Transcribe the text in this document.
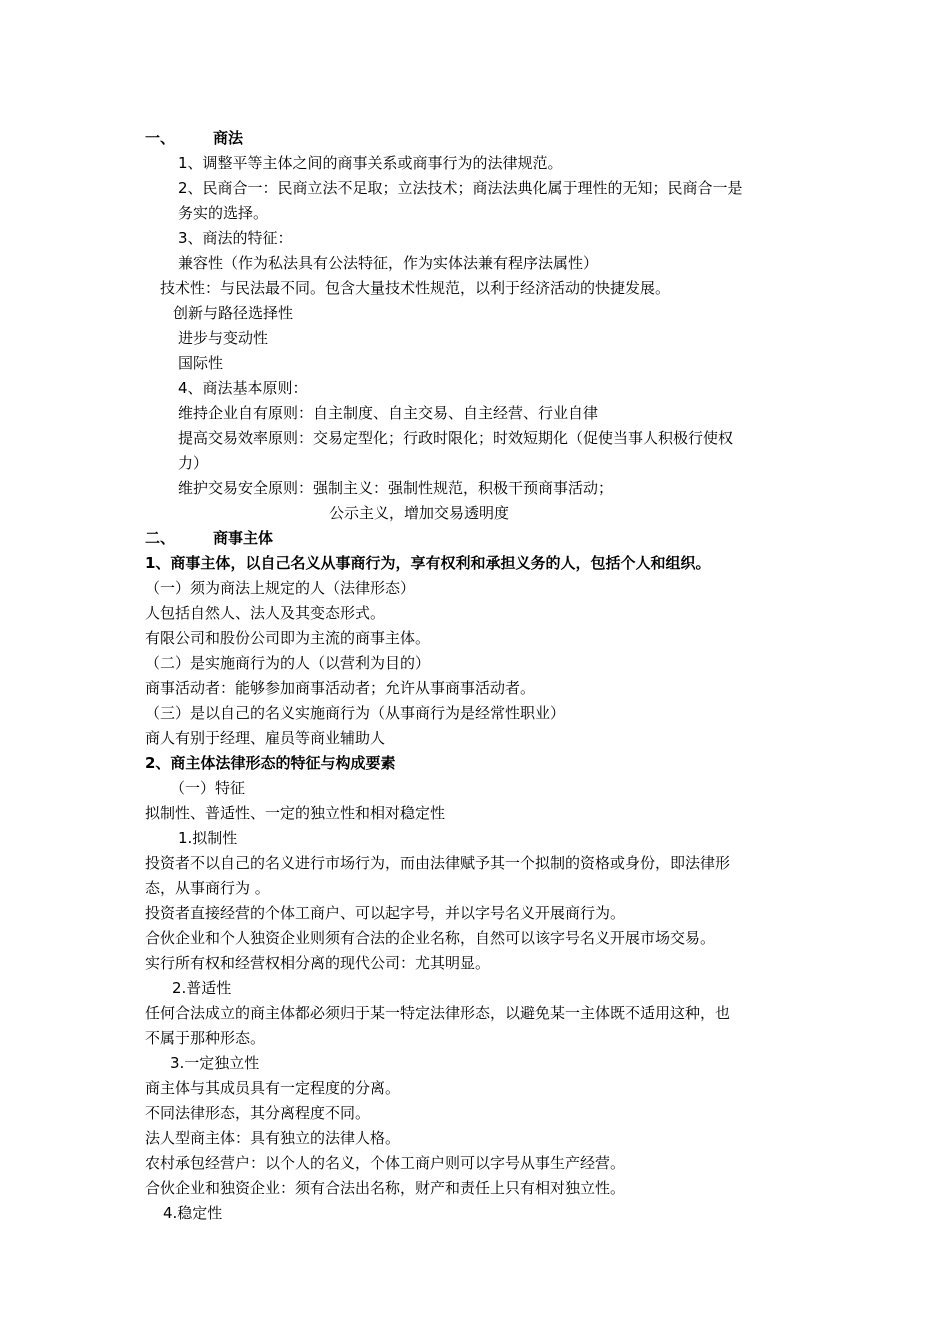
一、	商法

1、调整平等主体之间的商事关系或商事行为的法律规范。

2、民商合一：民商立法不足取；立法技术；商法法典化属于理性的无知；民商合一是

务实的选择。

3、商法的特征：

兼容性（作为私法具有公法特征，作为实体法兼有程序法属性）

技术性：与民法最不同。包含大量技术性规范，以利于经济活动的快捷发展。

创新与路径选择性

进步与变动性

国际性

4、商法基本原则：

维持企业自有原则：自主制度、自主交易、自主经营、行业自律

提高交易效率原则：交易定型化；行政时限化；时效短期化（促使当事人积极行使权

力）

维护交易安全原则：强制主义：强制性规范，积极干预商事活动；

公示主义，增加交易透明度

二、	商事主体

1、商事主体，以自己名义从事商行为，享有权利和承担义务的人，包括个人和组织。

（一）须为商法上规定的人（法律形态）

人包括自然人、法人及其变态形式。

有限公司和股份公司即为主流的商事主体。

（二）是实施商行为的人（以营利为目的）

商事活动者：能够参加商事活动者；允许从事商事活动者。

（三）是以自己的名义实施商行为（从事商行为是经常性职业）

商人有别于经理、雇员等商业辅助人

2、商主体法律形态的特征与构成要素

（一）特征

拟制性、普适性、一定的独立性和相对稳定性

1.拟制性

投资者不以自己的名义进行市场行为，而由法律赋予其一个拟制的资格或身份，即法律形

态，从事商行为 。

投资者直接经营的个体工商户、可以起字号，并以字号名义开展商行为。

合伙企业和个人独资企业则须有合法的企业名称，自然可以该字号名义开展市场交易。

实行所有权和经营权相分离的现代公司：尤其明显。

2.普适性

任何合法成立的商主体都必须归于某一特定法律形态，以避免某一主体既不适用这种，也

不属于那种形态。

3.一定独立性

商主体与其成员具有一定程度的分离。

不同法律形态，其分离程度不同。

法人型商主体：具有独立的法律人格。

农村承包经营户：以个人的名义，个体工商户则可以字号从事生产经营。

合伙企业和独资企业：须有合法出名称，财产和责任上只有相对独立性。

4.稳定性
